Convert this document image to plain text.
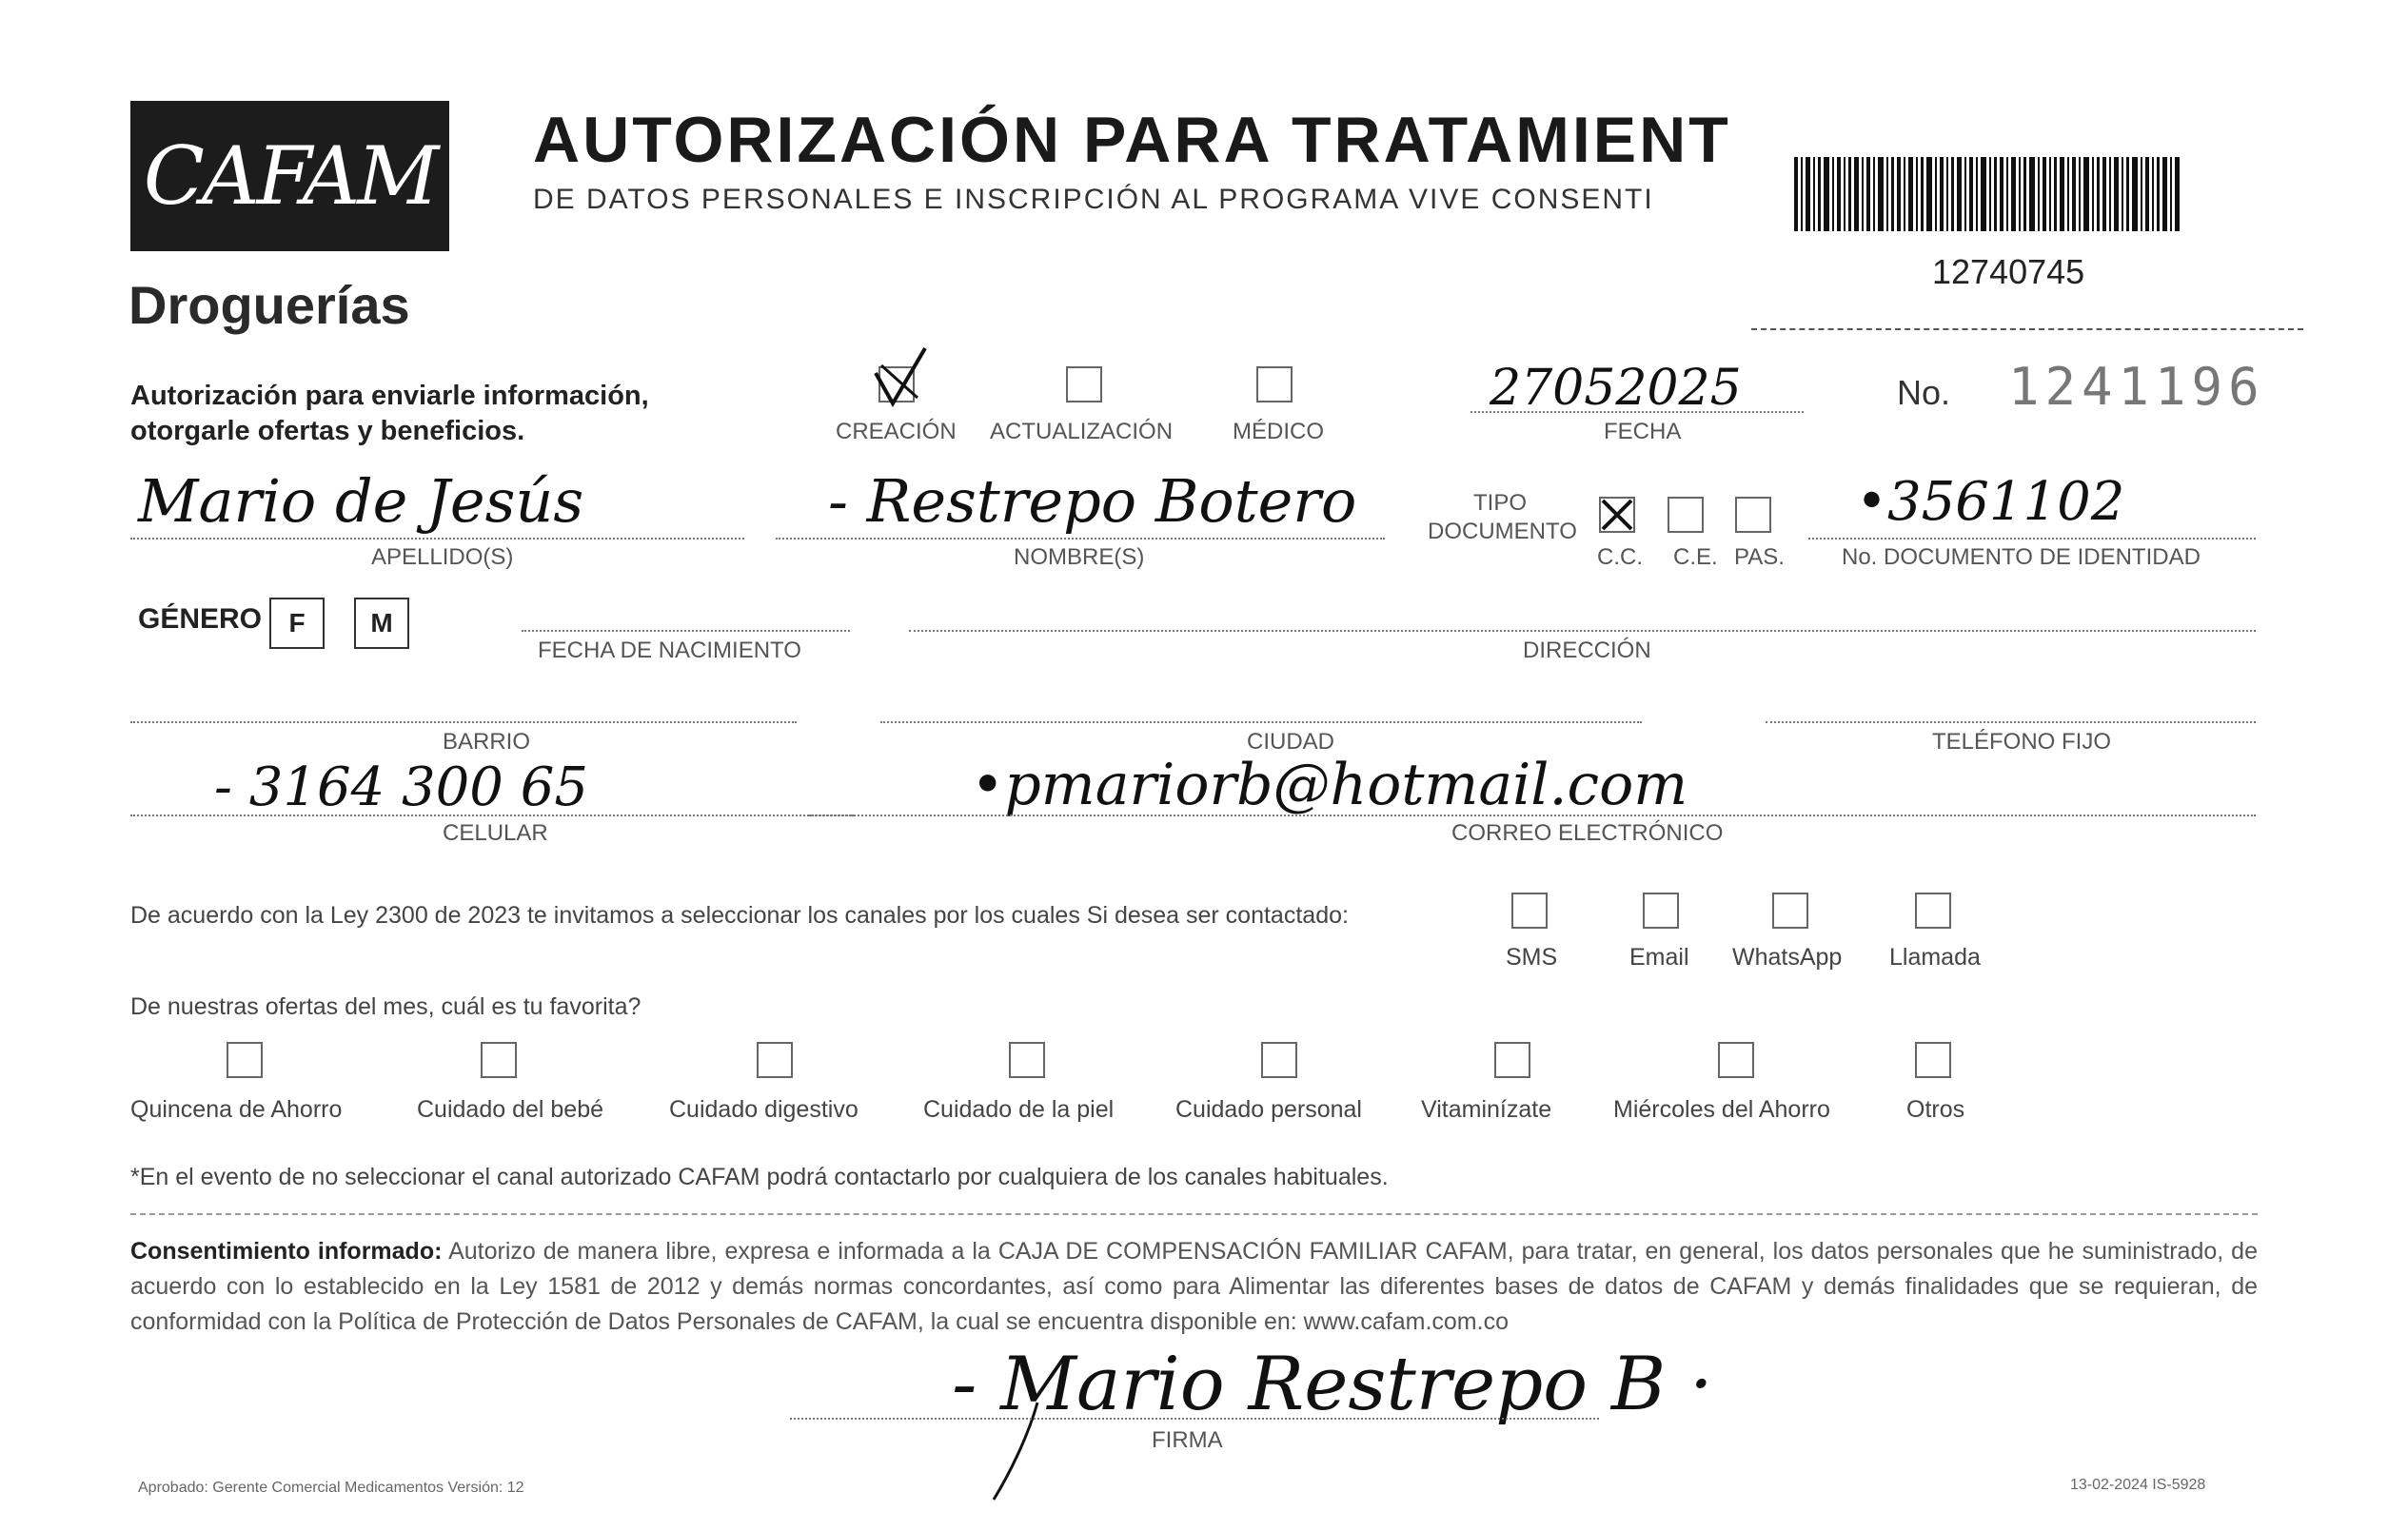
CAFAM
Droguerías
AUTORIZACIÓN PARA TRATAMIENT
DE DATOS PERSONALES E INSCRIPCIÓN AL PROGRAMA VIVE CONSENTI
12740745
Autorización para enviarle información,
otorgarle ofertas y beneficios.	CREACIÓN ACTUALIZACIÓN	MÉDICO
27052025
FECHA
No. 1241196
Mario de Jesús
APELLIDO(S)
- Restrepo Botero
NOMBRE(S)
TIPO
DOCUMENTO
C.C. C.E. PAS.
•3561102
No. DOCUMENTO DE IDENTIDAD
GÉNERO F M
FECHA DE NACIMIENTO	DIRECCIÓN
BARRIO	CIUDAD	TELÉFONO FIJO
- 3164 300 65
CELULAR
•pmariorb@hotmail.com
CORREO ELECTRÓNICO
De acuerdo con la Ley 2300 de 2023 te invitamos a seleccionar los canales por los cuales Si desea ser contactado:
SMS	Email WhatsApp Llamada
De nuestras ofertas del mes, cuál es tu favorita?
Quincena de Ahorro	Cuidado del bebé	Cuidado digestivo	Cuidado de la piel	Cuidado personal Vitaminízate	Miércoles del Ahorro	Otros
*En el evento de no seleccionar el canal autorizado CAFAM podrá contactarlo por cualquiera de los canales habituales.
Consentimiento informado: Autorizo de manera libre, expresa e informada a la CAJA DE COMPENSACIÓN FAMILIAR CAFAM, para tratar, en general, los datos personales que he suministrado, de acuerdo con lo establecido en la Ley 1581 de 2012 y demás normas concordantes, así como para Alimentar las diferentes bases de datos de CAFAM y demás finalidades que se requieran, de conformidad con la Política de Protección de Datos Personales de CAFAM, la cual se encuentra disponible en: www.cafam.com.co
- Mario Restrepo B ·
FIRMA
Aprobado: Gerente Comercial Medicamentos Versión: 12	13-02-2024 IS-5928
